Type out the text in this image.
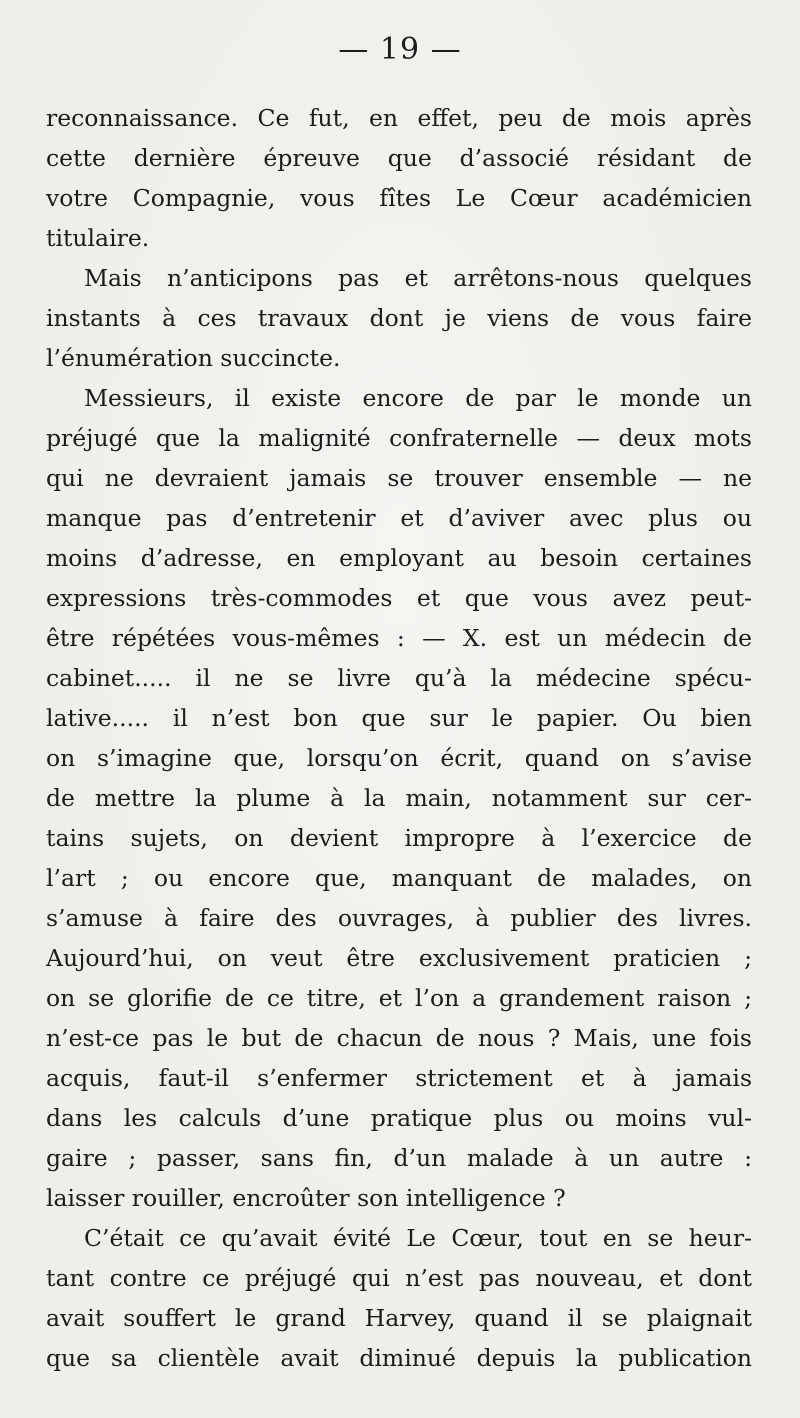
— 19 —
reconnaissance. Ce fut, en effet, peu de mois après
cette dernière épreuve que d’associé résidant de
votre Compagnie, vous fîtes Le Cœur académicien
titulaire.
Mais n’anticipons pas et arrêtons-nous quelques
instants à ces travaux dont je viens de vous faire
l’énumération succincte.
Messieurs, il existe encore de par le monde un
préjugé que la malignité confraternelle — deux mots
qui ne devraient jamais se trouver ensemble — ne
manque pas d’entretenir et d’aviver avec plus ou
moins d’adresse, en employant au besoin certaines
expressions très-commodes et que vous avez peut-
être répétées vous-mêmes : — X. est un médecin de
cabinet..... il ne se livre qu’à la médecine spécu-
lative..... il n’est bon que sur le papier. Ou bien
on s’imagine que, lorsqu’on écrit, quand on s’avise
de mettre la plume à la main, notamment sur cer-
tains sujets, on devient impropre à l’exercice de
l’art ; ou encore que, manquant de malades, on
s’amuse à faire des ouvrages, à publier des livres.
Aujourd’hui, on veut être exclusivement praticien ;
on se glorifie de ce titre, et l’on a grandement raison ;
n’est-ce pas le but de chacun de nous ? Mais, une fois
acquis, faut-il s’enfermer strictement et à jamais
dans les calculs d’une pratique plus ou moins vul-
gaire ; passer, sans fin, d’un malade à un autre :
laisser rouiller, encroûter son intelligence ?
C’était ce qu’avait évité Le Cœur, tout en se heur-
tant contre ce préjugé qui n’est pas nouveau, et dont
avait souffert le grand Harvey, quand il se plaignait
que sa clientèle avait diminué depuis la publication
